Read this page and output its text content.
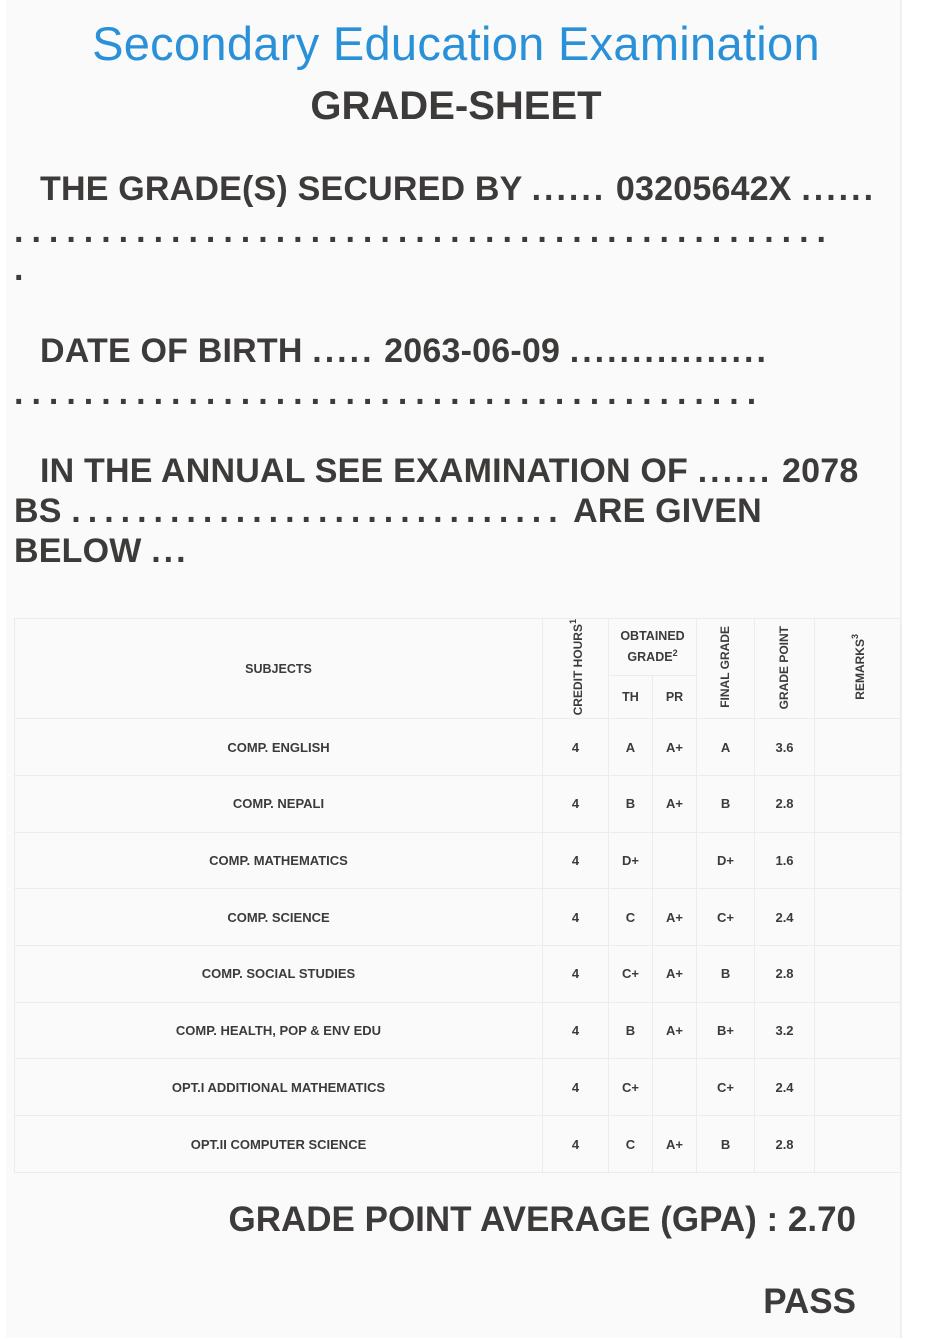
Secondary Education Examination
GRADE-SHEET
THE GRADE(S) SECURED BY ...... 03205642X ......
...............................................
.
DATE OF BIRTH ..... 2063-06-09 ................
...........................................
IN THE ANNUAL SEE EXAMINATION OF ...... 2078
BS .............................. ARE GIVEN
BELOW ...
SUBJECTS	CREDIT HOURS$^1$	OBTAINED GRADE$^2$		FINAL GRADE	GRADE POINT	REMARKS$^3$
		TH	PR			
COMP. ENGLISH	4	A	A+	A	3.6	
COMP. NEPALI	4	B	A+	B	2.8	
COMP. MATHEMATICS	4	D+		D+	1.6	
COMP. SCIENCE	4	C	A+	C+	2.4	
COMP. SOCIAL STUDIES	4	C+	A+	B	2.8	
COMP. HEALTH, POP & ENV EDU	4	B	A+	B+	3.2	
OPT.I ADDITIONAL MATHEMATICS	4	C+		C+	2.4	
OPT.II COMPUTER SCIENCE	4	C	A+	B	2.8	
GRADE POINT AVERAGE (GPA) : 2.70
PASS
